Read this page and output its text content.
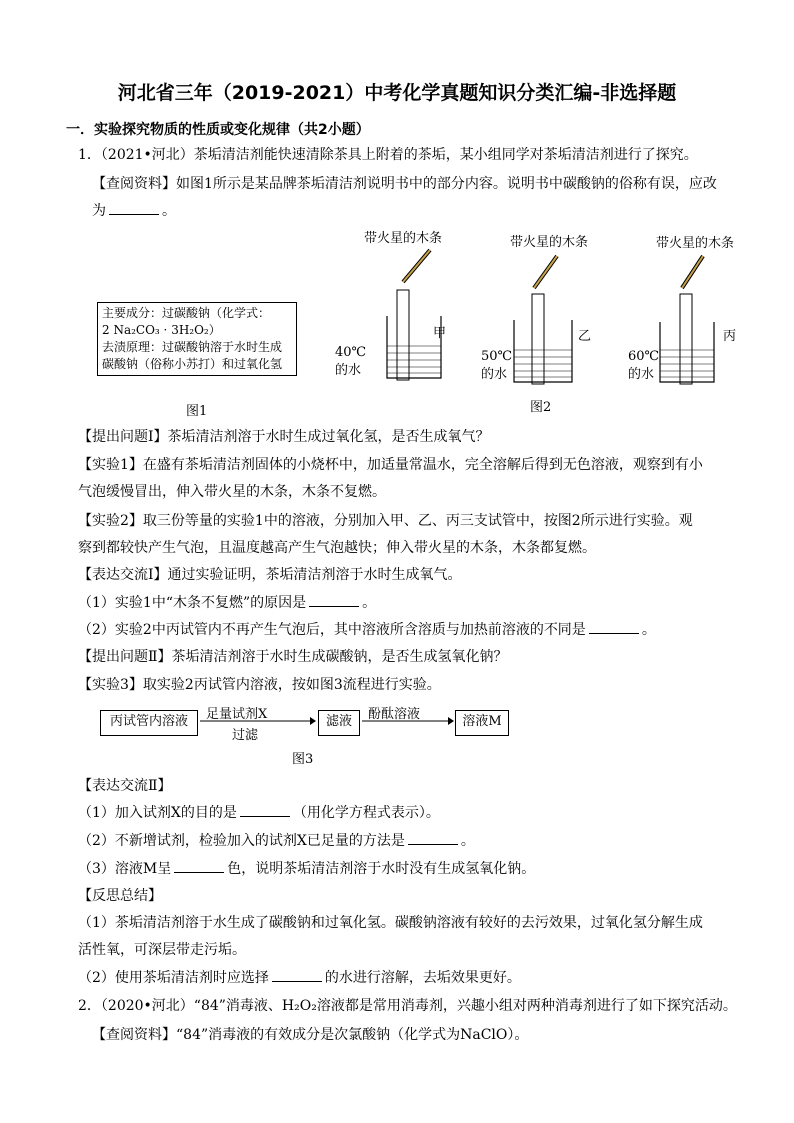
河北省三年（2019-2021）中考化学真题知识分类汇编-非选择题
一．实验探究物质的性质或变化规律（共2小题）
1．（2021•河北）茶垢清洁剂能快速清除茶具上附着的茶垢，某小组同学对茶垢清洁剂进行了探究。
【查阅资料】如图1所示是某品牌茶垢清洁剂说明书中的部分内容。说明书中碳酸钠的俗称有误，应改
为	。
主要成分：过碳酸钠（化学式：
2 Na₂CO₃ · 3H₂O₂）
去渍原理：过碳酸钠溶于水时生成
碳酸钠（俗称小苏打）和过氧化氢
图1
带火星的木条	带火星的木条	带火星的木条
甲
40℃
的水
乙
50℃
的水
图2
丙
60℃
的水
【提出问题Ⅰ】茶垢清洁剂溶于水时生成过氧化氢，是否生成氧气？
【实验1】在盛有茶垢清洁剂固体的小烧杯中，加适量常温水，完全溶解后得到无色溶液，观察到有小
气泡缓慢冒出，伸入带火星的木条，木条不复燃。
【实验2】取三份等量的实验1中的溶液，分别加入甲、乙、丙三支试管中，按图2所示进行实验。观
察到都较快产生气泡，且温度越高产生气泡越快；伸入带火星的木条，木条都复燃。
【表达交流Ⅰ】通过实验证明，茶垢清洁剂溶于水时生成氧气。
（1）实验1中“木条不复燃”的原因是	。
（2）实验2中丙试管内不再产生气泡后，其中溶液所含溶质与加热前溶液的不同是	。
【提出问题Ⅱ】茶垢清洁剂溶于水时生成碳酸钠，是否生成氢氧化钠？
【实验3】取实验2丙试管内溶液，按如图3流程进行实验。
丙试管内溶液	足量试剂X
过滤
滤液	酚酞溶液	溶液M
图3
【表达交流Ⅱ】
（1）加入试剂X的目的是	（用化学方程式表示）。
（2）不新增试剂，检验加入的试剂X已足量的方法是	。
（3）溶液M呈	色，说明茶垢清洁剂溶于水时没有生成氢氧化钠。
【反思总结】
（1）茶垢清洁剂溶于水生成了碳酸钠和过氧化氢。碳酸钠溶液有较好的去污效果，过氧化氢分解生成
活性氧，可深层带走污垢。
（2）使用茶垢清洁剂时应选择	的水进行溶解，去垢效果更好。
2．（2020•河北）“84”消毒液、H₂O₂溶液都是常用消毒剂，兴趣小组对两种消毒剂进行了如下探究活动。
【查阅资料】“84”消毒液的有效成分是次氯酸钠（化学式为NaClO）。
